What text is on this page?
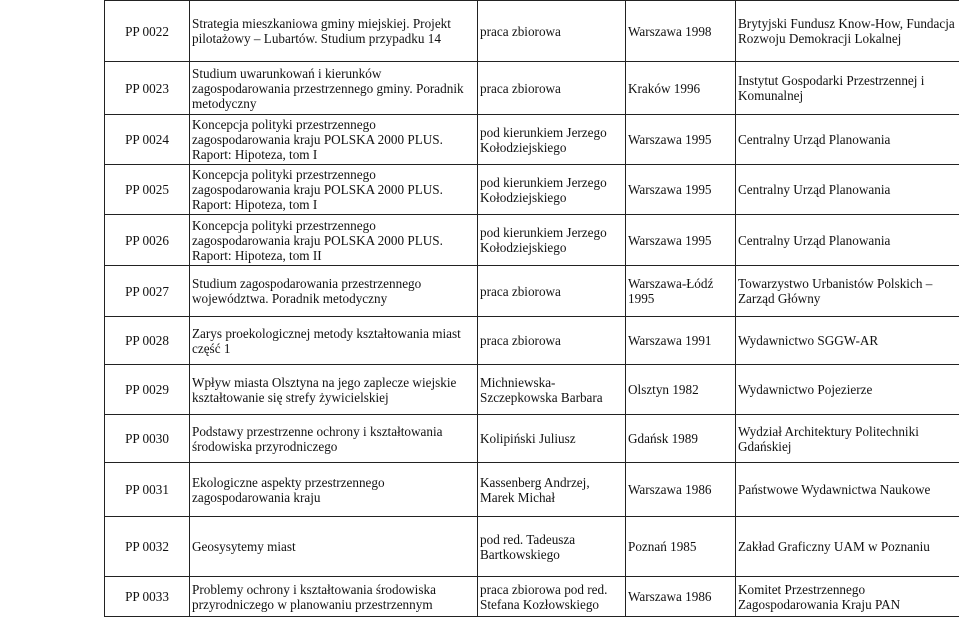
PP 0022	Strategia mieszkaniowa gminy miejskiej. Projekt pilotażowy – Lubartów. Studium przypadku 14	praca zbiorowa	Warszawa 1998	Brytyjski Fundusz Know-How, Fundacja Rozwoju Demokracji Lokalnej
PP 0023	Studium uwarunkowań i kierunków zagospodarowania przestrzennego gminy. Poradnik metodyczny	praca zbiorowa	Kraków 1996	Instytut Gospodarki Przestrzennej i Komunalnej
PP 0024	Koncepcja polityki przestrzennego zagospodarowania kraju POLSKA 2000 PLUS. Raport: Hipoteza, tom I	pod kierunkiem Jerzego Kołodziejskiego	Warszawa 1995	Centralny Urząd Planowania
PP 0025	Koncepcja polityki przestrzennego zagospodarowania kraju POLSKA 2000 PLUS. Raport: Hipoteza, tom I	pod kierunkiem Jerzego Kołodziejskiego	Warszawa 1995	Centralny Urząd Planowania
PP 0026	Koncepcja polityki przestrzennego zagospodarowania kraju POLSKA 2000 PLUS. Raport: Hipoteza, tom II	pod kierunkiem Jerzego Kołodziejskiego	Warszawa 1995	Centralny Urząd Planowania
PP 0027	Studium zagospodarowania przestrzennego województwa. Poradnik metodyczny	praca zbiorowa	Warszawa-Łódź 1995	Towarzystwo Urbanistów Polskich – Zarząd Główny
PP 0028	Zarys proekologicznej metody kształtowania miast część 1	praca zbiorowa	Warszawa 1991	Wydawnictwo SGGW-AR
PP 0029	Wpływ miasta Olsztyna na jego zaplecze wiejskie kształtowanie się strefy żywicielskiej	Michniewska-Szczepkowska Barbara	Olsztyn 1982	Wydawnictwo Pojezierze
PP 0030	Podstawy przestrzenne ochrony i kształtowania środowiska przyrodniczego	Kolipiński Juliusz	Gdańsk 1989	Wydział Architektury Politechniki Gdańskiej
PP 0031	Ekologiczne aspekty przestrzennego zagospodarowania kraju	Kassenberg Andrzej, Marek Michał	Warszawa 1986	Państwowe Wydawnictwa Naukowe
PP 0032	Geosysytemy miast	pod red. Tadeusza Bartkowskiego	Poznań 1985	Zakład Graficzny UAM w Poznaniu
PP 0033	Problemy ochrony i kształtowania środowiska przyrodniczego w planowaniu przestrzennym	praca zbiorowa pod red. Stefana Kozłowskiego	Warszawa 1986	Komitet Przestrzennego Zagospodarowania Kraju PAN
